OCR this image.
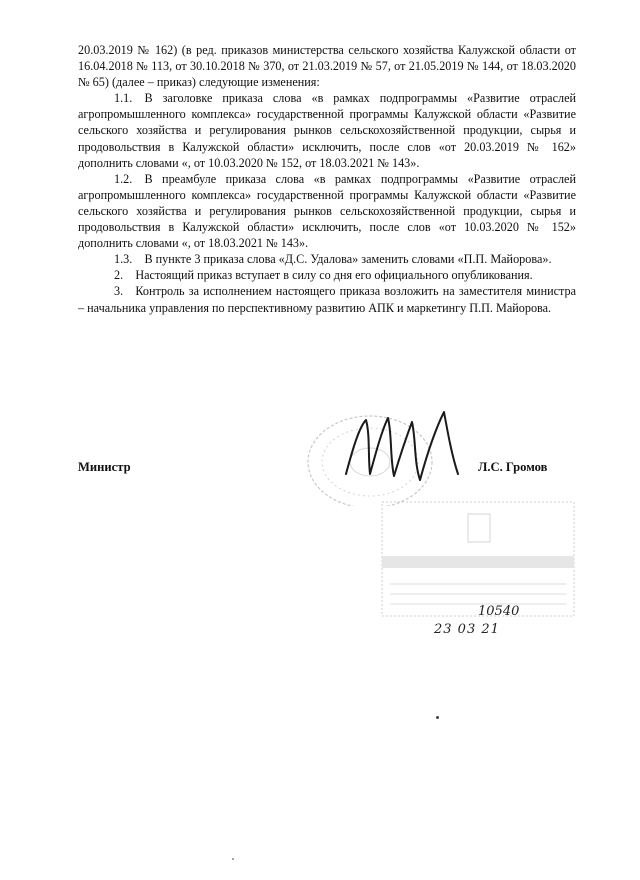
20.03.2019 № 162) (в ред. приказов министерства сельского хозяйства Калужской области от 16.04.2018 № 113, от 30.10.2018 № 370, от 21.03.2019 № 57, от 21.05.2019 № 144, от 18.03.2020 № 65) (далее – приказ) следующие изменения:

1.1. В заголовке приказа слова «в рамках подпрограммы «Развитие отраслей агропромышленного комплекса» государственной программы Калужской области «Развитие сельского хозяйства и регулирования рынков сельскохозяйственной продукции, сырья и продовольствия в Калужской области» исключить, после слов «от 20.03.2019 № 162» дополнить словами «, от 10.03.2020 № 152, от 18.03.2021 № 143».

1.2. В преамбуле приказа слова «в рамках подпрограммы «Развитие отраслей агропромышленного комплекса» государственной программы Калужской области «Развитие сельского хозяйства и регулирования рынков сельскохозяйственной продукции, сырья и продовольствия в Калужской области» исключить, после слов «от 10.03.2020 № 152» дополнить словами «, от 18.03.2021 № 143».

1.3. В пункте 3 приказа слова «Д.С. Удалова» заменить словами «П.П. Майорова».

2. Настоящий приказ вступает в силу со дня его официального опубликования.

3. Контроль за исполнением настоящего приказа возложить на заместителя министра – начальника управления по перспективному развитию АПК и маркетингу П.П. Майорова.

Министр	Л.С. Громов
10540
23 03 21
